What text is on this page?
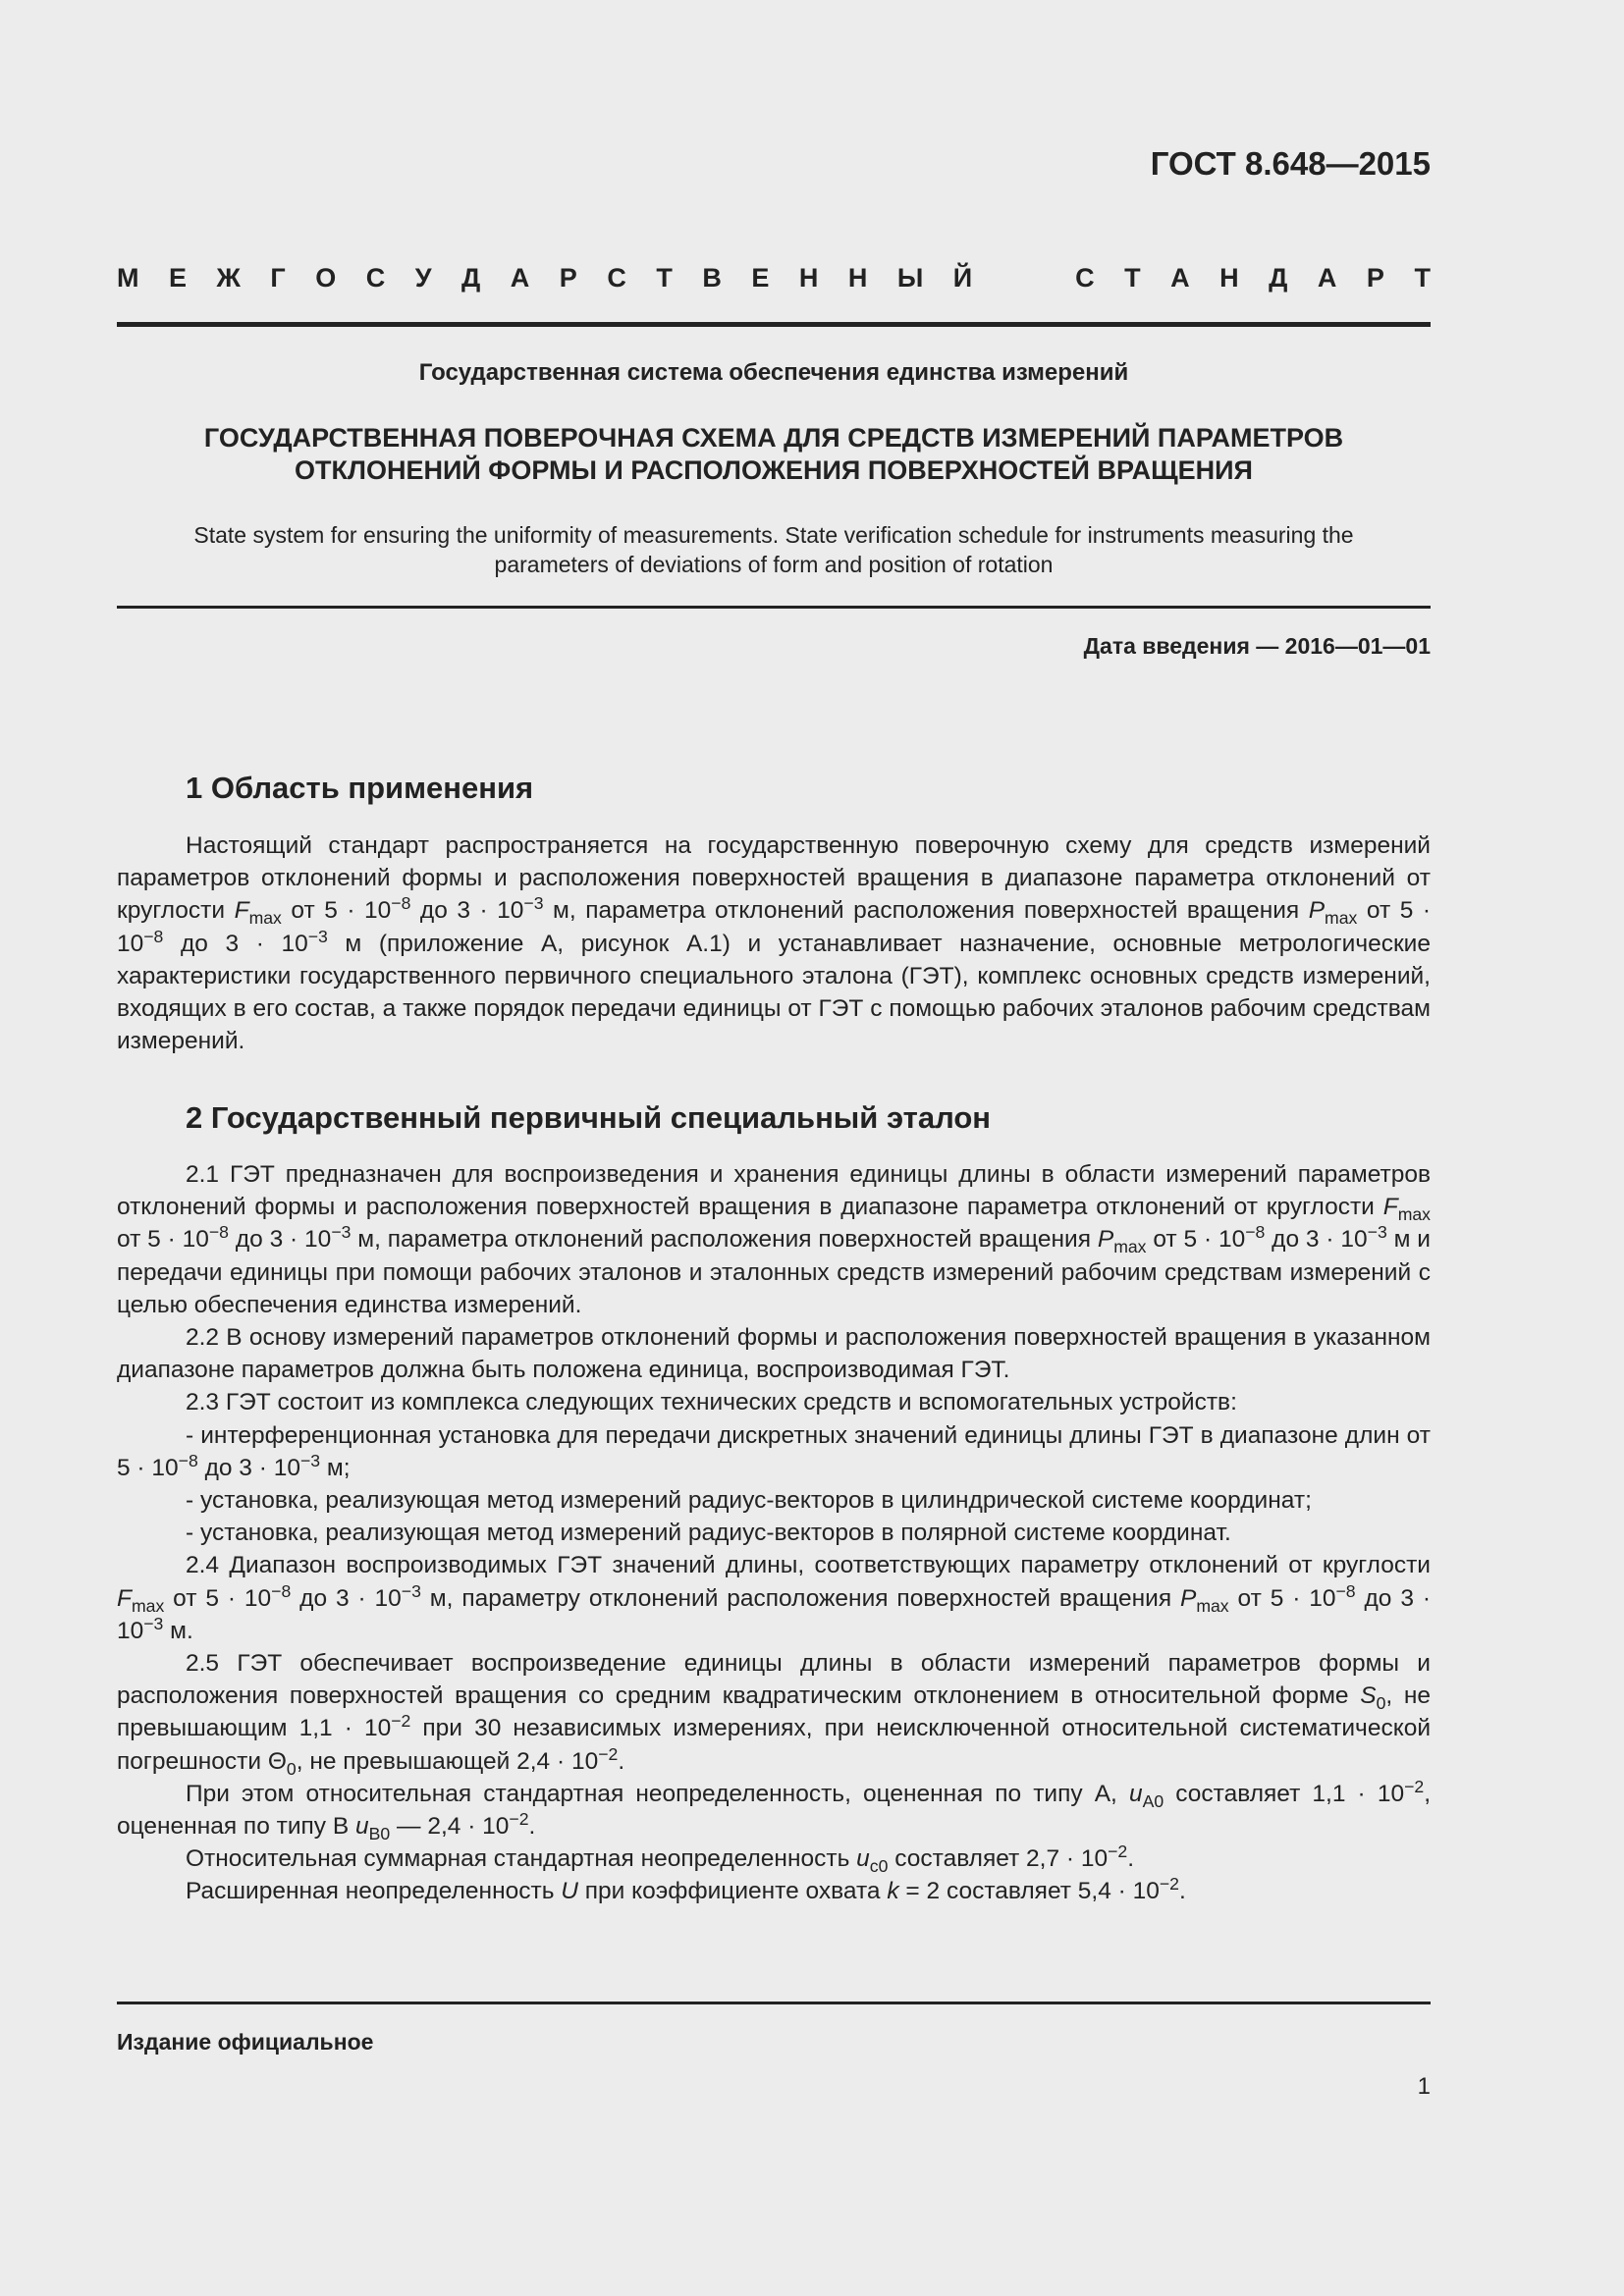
ГОСТ 8.648—2015
М Е Ж Г О С У Д А Р С Т В Е Н Н Ы Й	С Т А Н Д А Р Т
Государственная система обеспечения единства измерений
ГОСУДАРСТВЕННАЯ ПОВЕРОЧНАЯ СХЕМА ДЛЯ СРЕДСТВ ИЗМЕРЕНИЙ ПАРАМЕТРОВ
ОТКЛОНЕНИЙ ФОРМЫ И РАСПОЛОЖЕНИЯ ПОВЕРХНОСТЕЙ ВРАЩЕНИЯ
State system for ensuring the uniformity of measurements. State verification schedule for instruments measuring the
parameters of deviations of form and position of rotation
Дата введения — 2016—01—01
1 Область применения

Настоящий стандарт распространяется на государственную поверочную схему для средств измерений параметров отклонений формы и расположения поверхностей вращения в диапазоне параметра отклонений от круглости $F_{max}$ от $5 \cdot 10^{-8}$ до $3 \cdot 10^{-3}$ м, параметра отклонений расположения поверхностей вращения $P_{max}$ от $5 \cdot 10^{-8}$ до $3 \cdot 10^{-3}$ м (приложение А, рисунок А.1) и устанавливает назначение, основные метрологические характеристики государственного первичного специального эталона (ГЭТ), комплекс основных средств измерений, входящих в его состав, а также порядок передачи единицы от ГЭТ с помощью рабочих эталонов рабочим средствам измерений.

2 Государственный первичный специальный эталон

2.1 ГЭТ предназначен для воспроизведения и хранения единицы длины в области измерений параметров отклонений формы и расположения поверхностей вращения в диапазоне параметра отклонений от круглости $F_{max}$ от $5 \cdot 10^{-8}$ до $3 \cdot 10^{-3}$ м, параметра отклонений расположения поверхностей вращения $P_{max}$ от $5 \cdot 10^{-8}$ до $3 \cdot 10^{-3}$ м и передачи единицы при помощи рабочих эталонов и эталонных средств измерений рабочим средствам измерений с целью обеспечения единства измерений.

2.2 В основу измерений параметров отклонений формы и расположения поверхностей вращения в указанном диапазоне параметров должна быть положена единица, воспроизводимая ГЭТ.

2.3 ГЭТ состоит из комплекса следующих технических средств и вспомогательных устройств:

- интерференционная установка для передачи дискретных значений единицы длины ГЭТ в диапазоне длин от $5 \cdot 10^{-8}$ до $3 \cdot 10^{-3}$ м;

- установка, реализующая метод измерений радиус-векторов в цилиндрической системе координат;

- установка, реализующая метод измерений радиус-векторов в полярной системе координат.

2.4 Диапазон воспроизводимых ГЭТ значений длины, соответствующих параметру отклонений от круглости $F_{max}$ от $5 \cdot 10^{-8}$ до $3 \cdot 10^{-3}$ м, параметру отклонений расположения поверхностей вращения $P_{max}$ от $5 \cdot 10^{-8}$ до $3 \cdot 10^{-3}$ м.

2.5 ГЭТ обеспечивает воспроизведение единицы длины в области измерений параметров формы и расположения поверхностей вращения со средним квадратическим отклонением в относительной форме $S_0$, не превышающим $1,1 \cdot 10^{-2}$ при 30 независимых измерениях, при неисключенной относительной систематической погрешности $\Theta_0$, не превышающей $2,4 \cdot 10^{-2}$.

При этом относительная стандартная неопределенность, оцененная по типу А, $u_{A0}$ составляет $1,1 \cdot 10^{-2}$, оцененная по типу В $u_{B0}$ — $2,4 \cdot 10^{-2}$.

Относительная суммарная стандартная неопределенность $u_{c0}$ составляет $2,7 \cdot 10^{-2}$.

Расширенная неопределенность U при коэффициенте охвата k = 2 составляет $5,4 \cdot 10^{-2}$.

Издание официальное
1
